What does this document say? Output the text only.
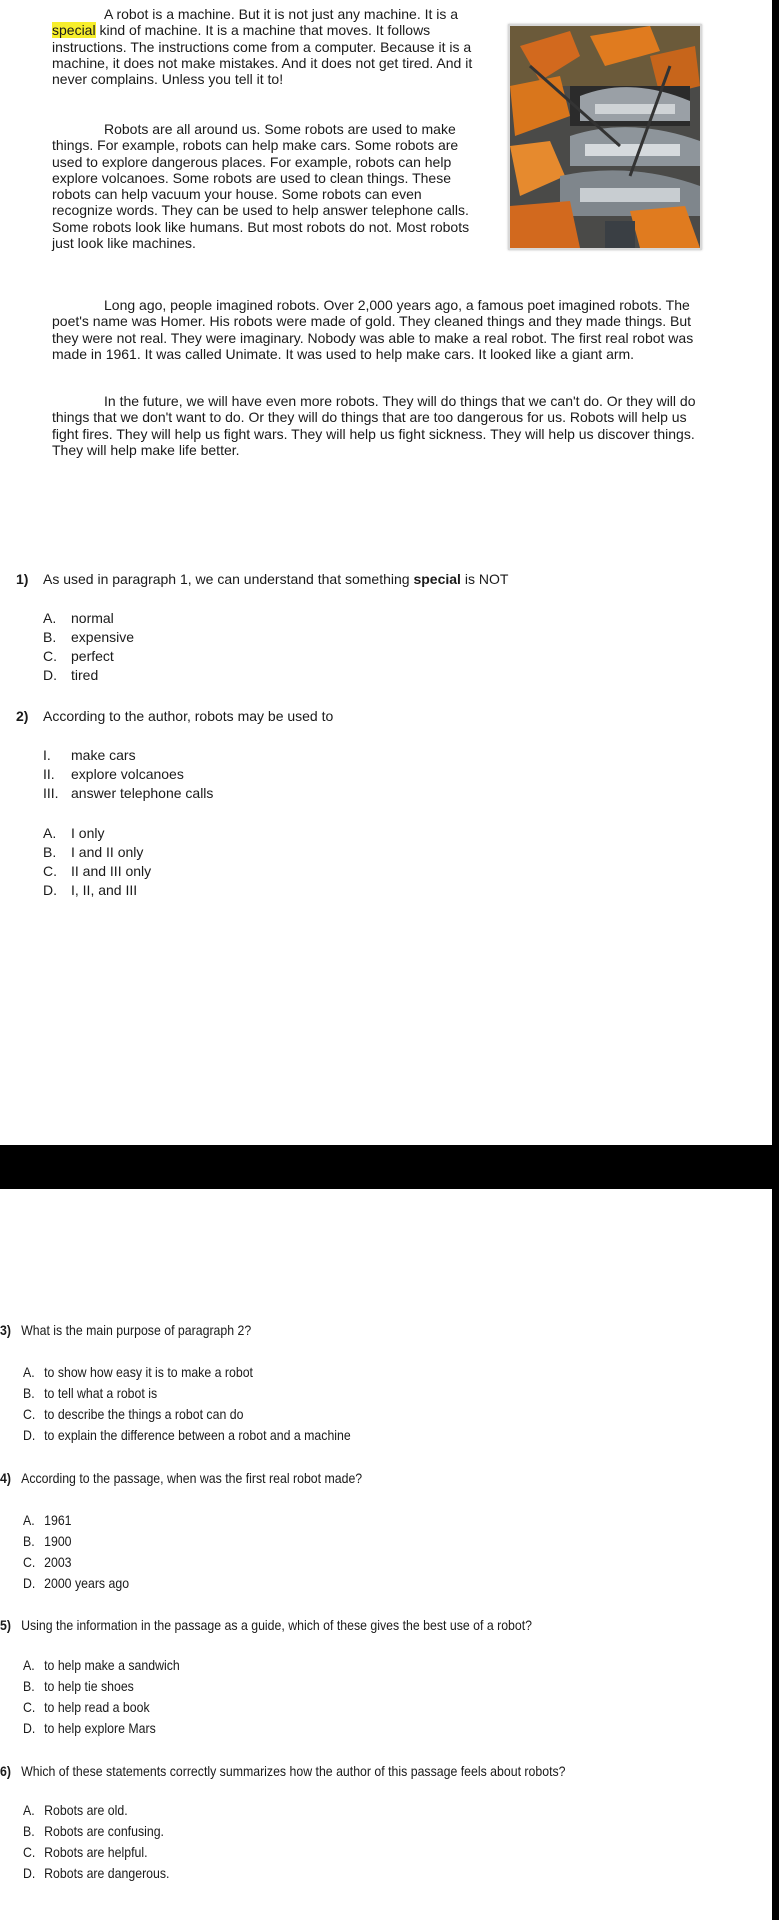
A robot is a machine. But it is not just any machine. It is a
special kind of machine. It is a machine that moves. It follows instructions. The instructions come from a computer. Because it is a machine, it does not make mistakes. And it does not get tired. And it never complains. Unless you tell it to!

Robots are all around us. Some robots are used to make things. For example, robots can help make cars. Some robots are used to explore dangerous places. For example, robots can help explore volcanoes. Some robots are used to clean things. These robots can help vacuum your house. Some robots can even recognize words. They can be used to help answer telephone calls. Some robots look like humans. But most robots do not. Most robots just look like machines.

Long ago, people imagined robots. Over 2,000 years ago, a famous poet imagined robots. The poet's name was Homer. His robots were made of gold. They cleaned things and they made things. But they were not real. They were imaginary. Nobody was able to make a real robot. The first real robot was made in 1961. It was called Unimate. It was used to help make cars. It looked like a giant arm.

In the future, we will have even more robots. They will do things that we can't do. Or they will do things that we don't want to do. Or they will do things that are too dangerous for us. Robots will help us fight fires. They will help us fight wars. They will help us fight sickness. They will help us discover things. They will help make life better.

1) As used in paragraph 1, we can understand that something special is NOT
A. normal
B. expensive
C. perfect
D. tired
2) According to the author, robots may be used to
I. make cars
II. explore volcanoes
III. answer telephone calls
A. I only
B. I and II only
C. II and III only
D. I, II, and III
3) What is the main purpose of paragraph 2?
A. to show how easy it is to make a robot
B. to tell what a robot is
C. to describe the things a robot can do
D. to explain the difference between a robot and a machine
4) According to the passage, when was the first real robot made?
A. 1961
B. 1900
C. 2003
D. 2000 years ago
5) Using the information in the passage as a guide, which of these gives the best use of a robot?
A. to help make a sandwich
B. to help tie shoes
C. to help read a book
D. to help explore Mars
6) Which of these statements correctly summarizes how the author of this passage feels about robots?
A. Robots are old.
B. Robots are confusing.
C. Robots are helpful.
D. Robots are dangerous.
